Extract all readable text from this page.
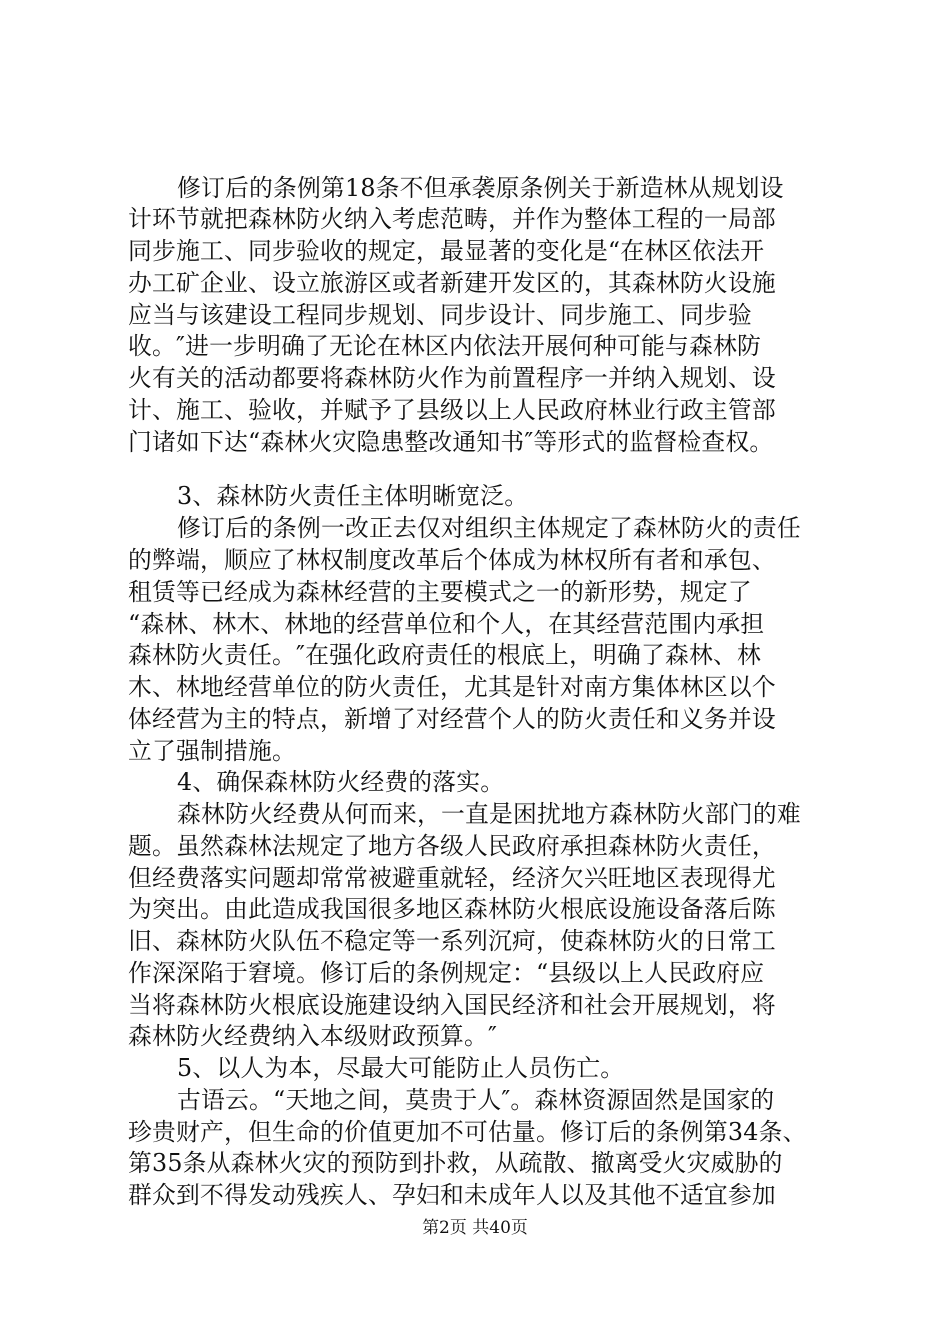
修订后的条例第18条不但承袭原条例关于新造林从规划设
计环节就把森林防火纳入考虑范畴，并作为整体工程的一局部
同步施工、同步验收的规定，最显著的变化是“在林区依法开
办工矿企业、设立旅游区或者新建开发区的，其森林防火设施
应当与该建设工程同步规划、同步设计、同步施工、同步验
收。″进一步明确了无论在林区内依法开展何种可能与森林防
火有关的活动都要将森林防火作为前置程序一并纳入规划、设
计、施工、验收，并赋予了县级以上人民政府林业行政主管部
门诸如下达“森林火灾隐患整改通知书″等形式的监督检查权。
3、森林防火责任主体明晰宽泛。
修订后的条例一改正去仅对组织主体规定了森林防火的责任
的弊端，顺应了林权制度改革后个体成为林权所有者和承包、
租赁等已经成为森林经营的主要模式之一的新形势，规定了
“森林、林木、林地的经营单位和个人，在其经营范围内承担
森林防火责任。″在强化政府责任的根底上，明确了森林、林
木、林地经营单位的防火责任，尤其是针对南方集体林区以个
体经营为主的特点，新增了对经营个人的防火责任和义务并设
立了强制措施。
4、确保森林防火经费的落实。
森林防火经费从何而来，一直是困扰地方森林防火部门的难
题。虽然森林法规定了地方各级人民政府承担森林防火责任，
但经费落实问题却常常被避重就轻，经济欠兴旺地区表现得尤
为突出。由此造成我国很多地区森林防火根底设施设备落后陈
旧、森林防火队伍不稳定等一系列沉疴，使森林防火的日常工
作深深陷于窘境。修订后的条例规定：“县级以上人民政府应
当将森林防火根底设施建设纳入国民经济和社会开展规划，将
森林防火经费纳入本级财政预算。″
5、以人为本，尽最大可能防止人员伤亡。
古语云。“天地之间，莫贵于人″。森林资源固然是国家的
珍贵财产，但生命的价值更加不可估量。修订后的条例第34条、
第35条从森林火灾的预防到扑救，从疏散、撤离受火灾威胁的
群众到不得发动残疾人、孕妇和未成年人以及其他不适宜参加
第2页 共40页
